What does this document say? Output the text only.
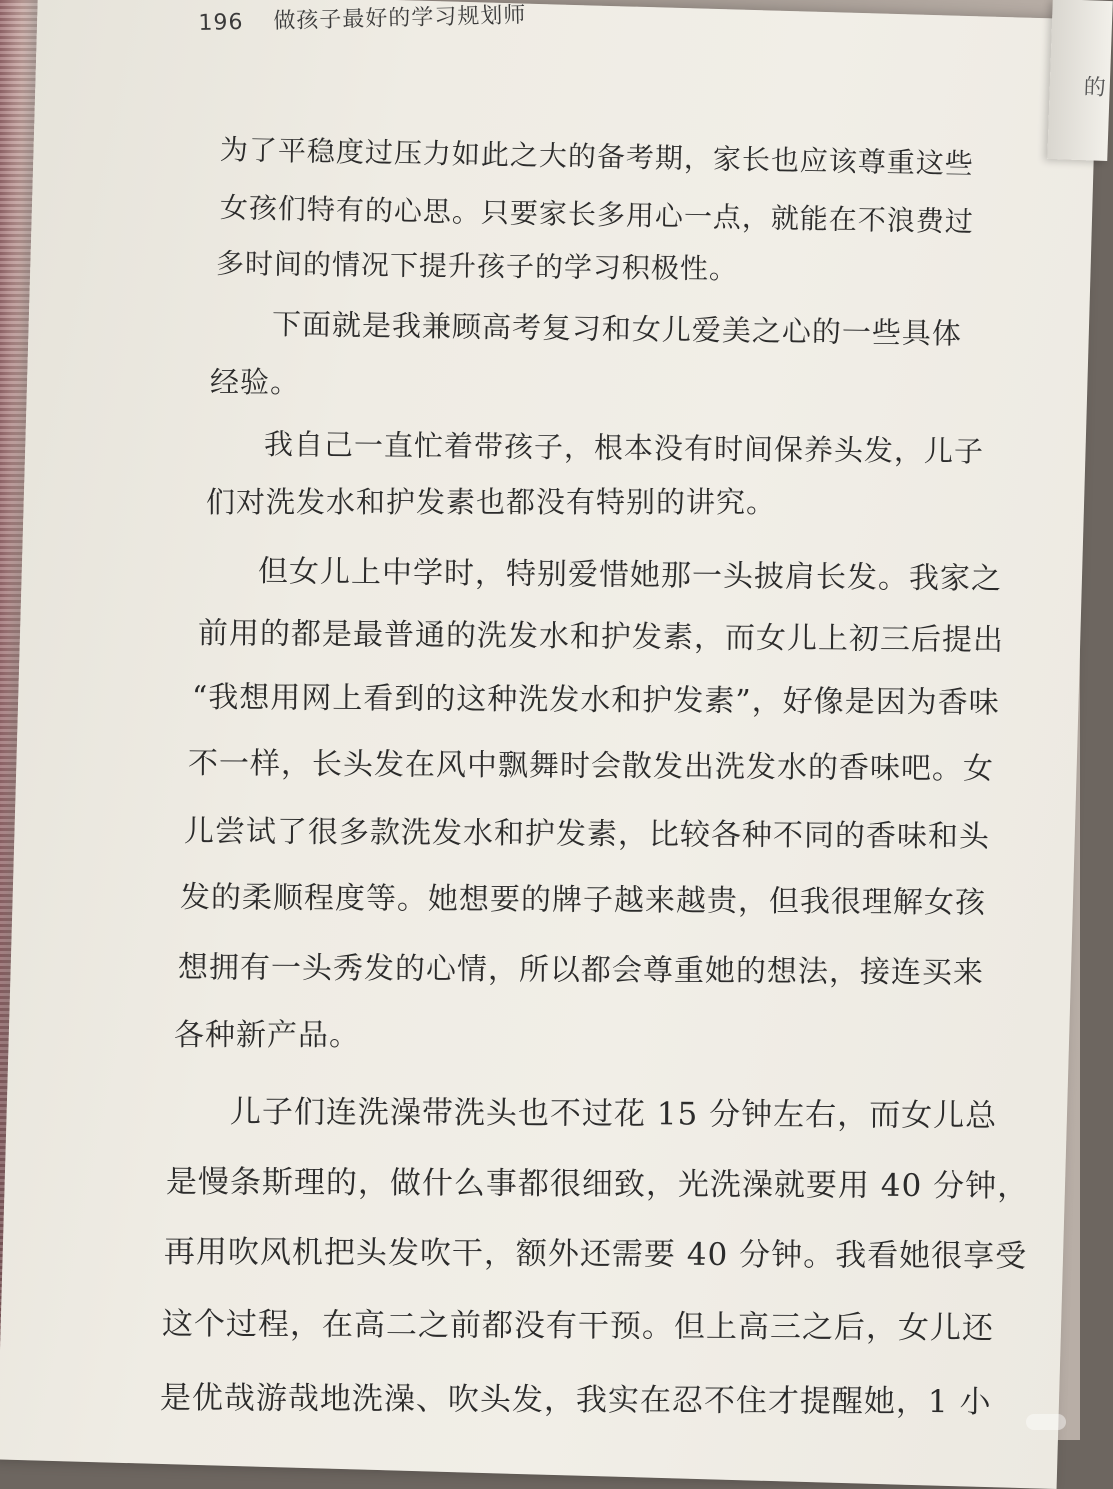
的
196 做孩子最好的学习规划师
为了平稳度过压力如此之大的备考期，家长也应该尊重这些
女孩们特有的心思。只要家长多用心一点，就能在不浪费过
多时间的情况下提升孩子的学习积极性。
下面就是我兼顾高考复习和女儿爱美之心的一些具体
经验。
我自己一直忙着带孩子，根本没有时间保养头发，儿子
们对洗发水和护发素也都没有特别的讲究。
但女儿上中学时，特别爱惜她那一头披肩长发。我家之
前用的都是最普通的洗发水和护发素，而女儿上初三后提出
“我想用网上看到的这种洗发水和护发素”，好像是因为香味
不一样，长头发在风中飘舞时会散发出洗发水的香味吧。女
儿尝试了很多款洗发水和护发素，比较各种不同的香味和头
发的柔顺程度等。她想要的牌子越来越贵，但我很理解女孩
想拥有一头秀发的心情，所以都会尊重她的想法，接连买来
各种新产品。
儿子们连洗澡带洗头也不过花 15 分钟左右，而女儿总
是慢条斯理的，做什么事都很细致，光洗澡就要用 40 分钟，
再用吹风机把头发吹干，额外还需要 40 分钟。我看她很享受
这个过程，在高二之前都没有干预。但上高三之后，女儿还
是优哉游哉地洗澡、吹头发，我实在忍不住才提醒她，1 小
